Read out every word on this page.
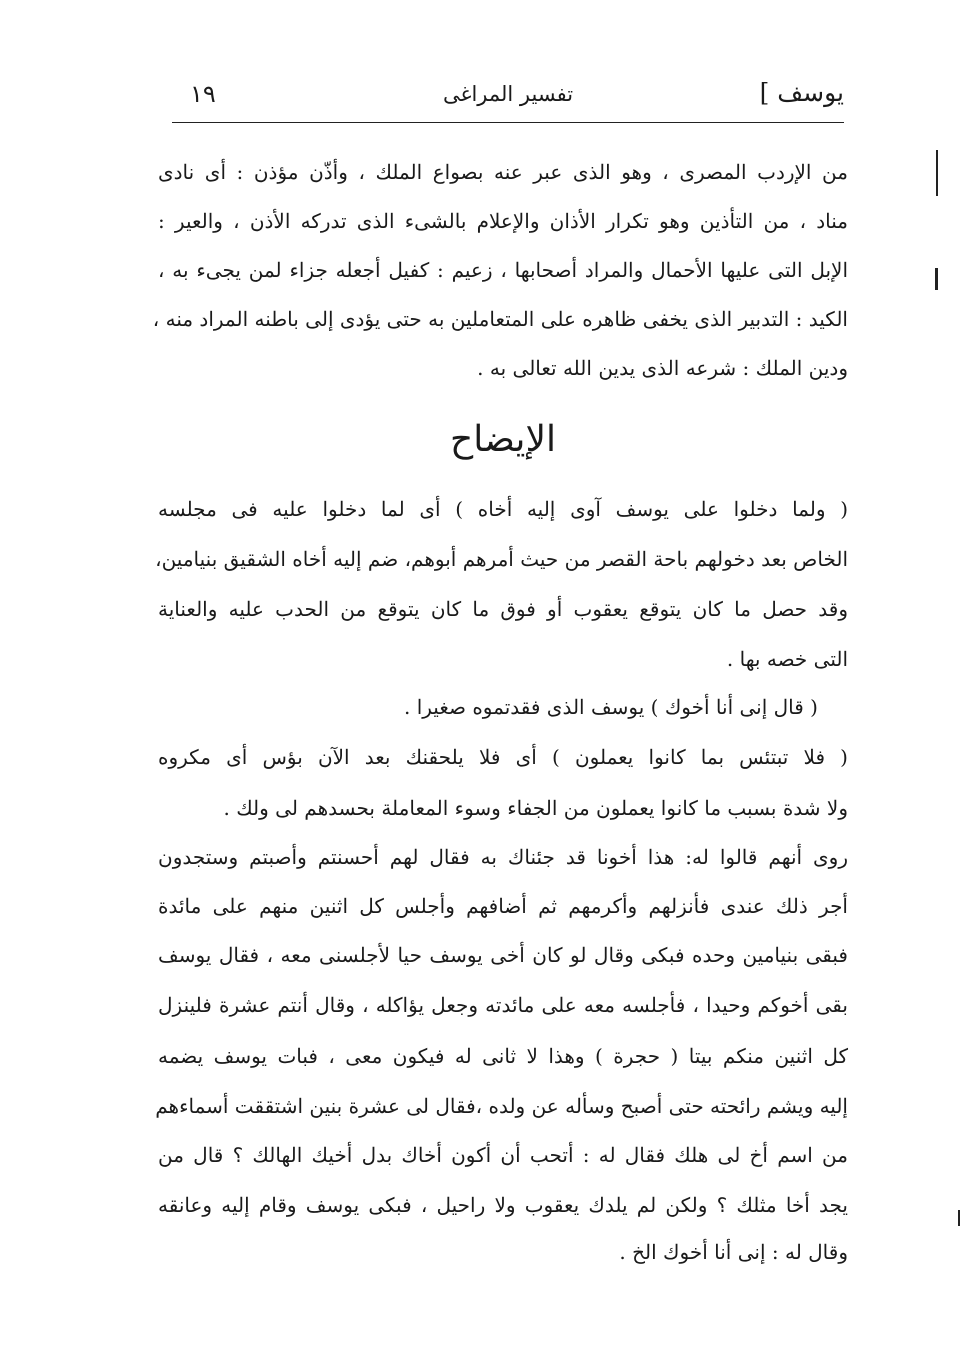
يوسف ]
تفسير المراغى
١٩
من الإردب المصرى ، وهو الذى عبر عنه بصواع الملك ، وأذّن مؤذن : أى نادى
مناد ، من التأذين وهو تكرار الأذان والإعلام بالشىء الذى تدركه الأذن ، والعير :
الإبل التى عليها الأحمال والمراد أصحابها ، زعيم : كفيل أجعله جزاء لمن يجىء به ،
الكيد : التدبير الذى يخفى ظاهره على المتعاملين به حتى يؤدى إلى باطنه المراد منه ،
ودين الملك : شرعه الذى يدين الله تعالى به .
الإيضاح
( ولما دخلوا على يوسف آوى إليه أخاه ) أى لما دخلوا عليه فى مجلسه
الخاص بعد دخولهم باحة القصر من حيث أمرهم أبوهم، ضم إليه أخاه الشقيق بنيامين،
وقد حصل ما كان يتوقع يعقوب أو فوق ما كان يتوقع من الحدب عليه والعناية
التى خصه بها .
( قال إنى أنا أخوك ) يوسف الذى فقدتموه صغيرا .
( فلا تبتئس بما كانوا يعملون ) أى فلا يلحقنك بعد الآن بؤس أى مكروه
ولا شدة بسبب ما كانوا يعملون من الجفاء وسوء المعاملة بحسدهم لى ولك .
روى أنهم قالوا له: هذا أخونا قد جئناك به فقال لهم أحسنتم وأصبتم وستجدون
أجر ذلك عندى فأنزلهم وأكرمهم ثم أضافهم وأجلس كل اثنين منهم على مائدة
فبقى بنيامين وحده فبكى وقال لو كان أخى يوسف حيا لأجلسنى معه ، فقال يوسف
بقى أخوكم وحيدا ، فأجلسه معه على مائدته وجعل يؤاكله ، وقال أنتم عشرة فلينزل
كل اثنين منكم بيتا ( حجرة ) وهذا لا ثانى له فيكون معى ، فبات يوسف يضمه
إليه ويشم رائحته حتى أصبح وسأله عن ولده ،فقال لى عشرة بنين اشتققت أسماءهم
من اسم أخ لى هلك فقال له : أتحب أن أكون أخاك بدل أخيك الهالك ؟ قال من
يجد أخا مثلك ؟ ولكن لم يلدك يعقوب ولا راحيل ، فبكى يوسف وقام إليه وعانقه
وقال له : إنى أنا أخوك الخ .
